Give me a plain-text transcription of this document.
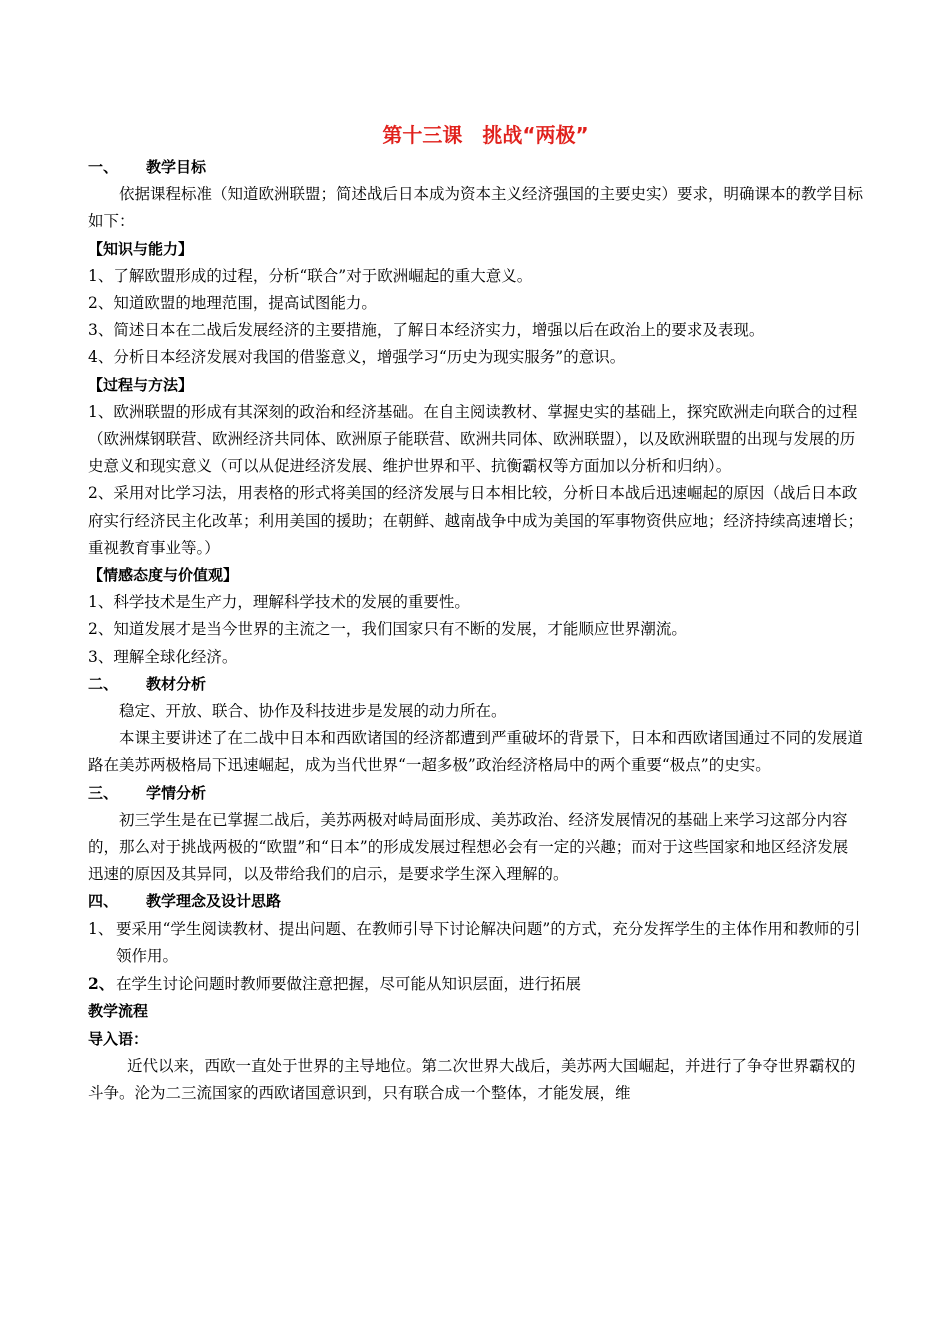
第十三课　挑战“两极”
一、 教学目标

依据课程标准（知道欧洲联盟；简述战后日本成为资本主义经济强国的主要史实）要求，明确课本的教学目标如下：

【知识与能力】

1、了解欧盟形成的过程，分析“联合”对于欧洲崛起的重大意义。

2、知道欧盟的地理范围，提高试图能力。

3、简述日本在二战后发展经济的主要措施，了解日本经济实力，增强以后在政治上的要求及表现。

4、分析日本经济发展对我国的借鉴意义，增强学习“历史为现实服务”的意识。

【过程与方法】

1、欧洲联盟的形成有其深刻的政治和经济基础。在自主阅读教材、掌握史实的基础上，探究欧洲走向联合的过程（欧洲煤钢联营、欧洲经济共同体、欧洲原子能联营、欧洲共同体、欧洲联盟），以及欧洲联盟的出现与发展的历史意义和现实意义（可以从促进经济发展、维护世界和平、抗衡霸权等方面加以分析和归纳）。

2、采用对比学习法，用表格的形式将美国的经济发展与日本相比较，分析日本战后迅速崛起的原因（战后日本政府实行经济民主化改革；利用美国的援助；在朝鲜、越南战争中成为美国的军事物资供应地；经济持续高速增长；重视教育事业等。）

【情感态度与价值观】

1、科学技术是生产力，理解科学技术的发展的重要性。

2、知道发展才是当今世界的主流之一，我们国家只有不断的发展，才能顺应世界潮流。

3、理解全球化经济。

二、 教材分析

稳定、开放、联合、协作及科技进步是发展的动力所在。

本课主要讲述了在二战中日本和西欧诸国的经济都遭到严重破坏的背景下，日本和西欧诸国通过不同的发展道路在美苏两极格局下迅速崛起，成为当代世界“一超多极”政治经济格局中的两个重要“极点”的史实。

三、 学情分析

初三学生是在已掌握二战后，美苏两极对峙局面形成、美苏政治、经济发展情况的基础上来学习这部分内容的，那么对于挑战两极的“欧盟”和“日本”的形成发展过程想必会有一定的兴趣；而对于这些国家和地区经济发展迅速的原因及其异同，以及带给我们的启示，是要求学生深入理解的。

四、 教学理念及设计思路

1、 要采用“学生阅读教材、提出问题、在教师引导下讨论解决问题”的方式，充分发挥学生的主体作用和教师的引领作用。

2、 在学生讨论问题时教师要做注意把握，尽可能从知识层面，进行拓展

教学流程
导入语：

近代以来，西欧一直处于世界的主导地位。第二次世界大战后，美苏两大国崛起，并进行了争夺世界霸权的斗争。沦为二三流国家的西欧诸国意识到，只有联合成一个整体，才能发展，维
